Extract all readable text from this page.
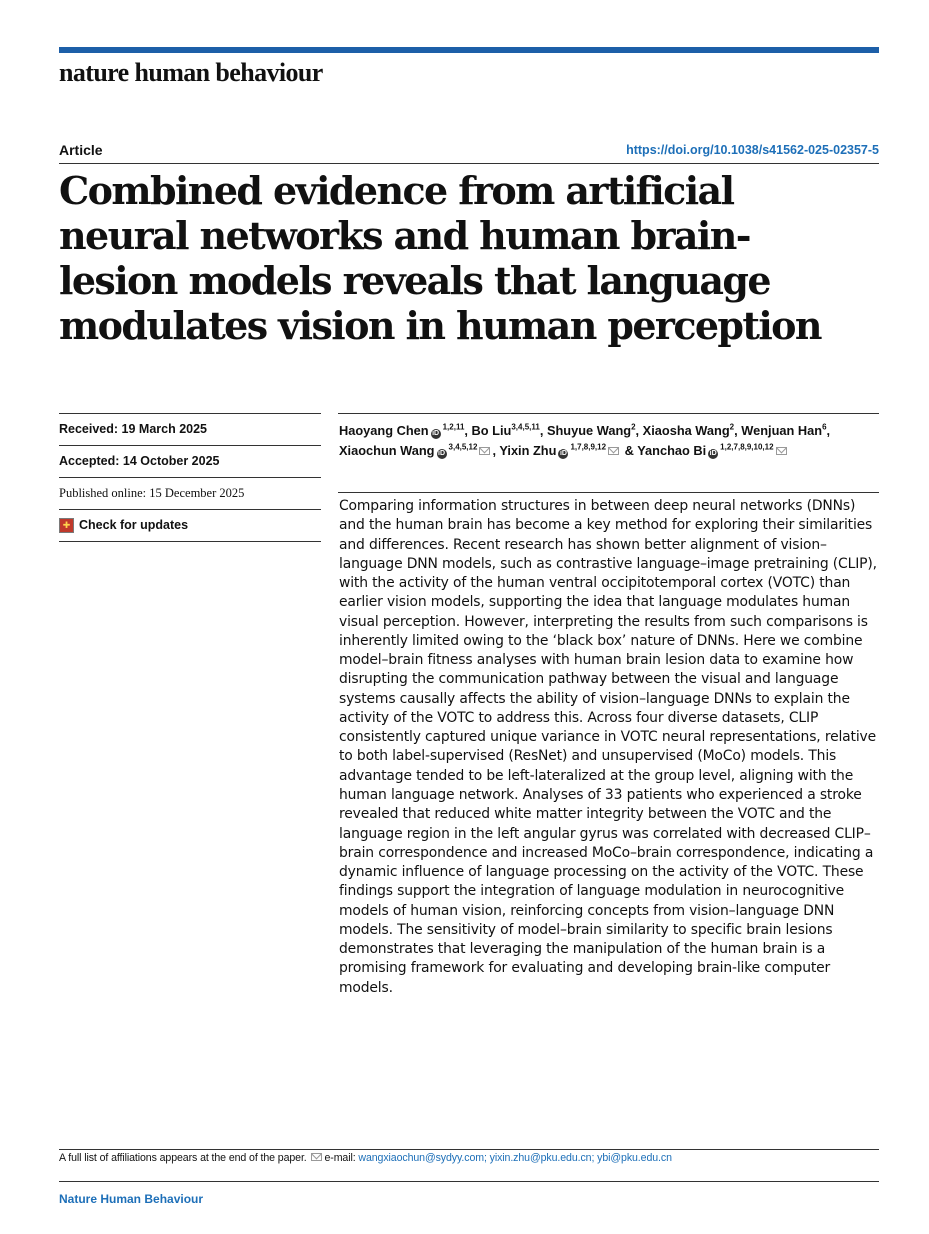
nature human behaviour
Article	https://doi.org/10.1038/s41562-025-02357-5
Combined evidence from artificial neural networks and human brain-lesion models reveals that language modulates vision in human perception
Received: 19 March 2025
Accepted: 14 October 2025
Published online: 15 December 2025
✚ Check for updates
Haoyang Chen iD$^{1,2,11}$, Bo Liu$^{3,4,5,11}$, Shuyue Wang$^2$, Xiaosha Wang$^2$, Wenjuan Han$^6$, Xiaochun Wang iD$^{3,4,5,12}$ , Yixin Zhu iD$^{1,7,8,9,12}$ & Yanchao Bi iD$^{1,2,7,8,9,10,12}$

Comparing information structures in between deep neural networks (DNNs) and the human brain has become a key method for exploring their similarities and differences. Recent research has shown better alignment of vision–language DNN models, such as contrastive language–image pretraining (CLIP), with the activity of the human ventral occipitotemporal cortex (VOTC) than earlier vision models, supporting the idea that language modulates human visual perception. However, interpreting the results from such comparisons is inherently limited owing to the ‘black box’ nature of DNNs. Here we combine model–brain fitness analyses with human brain lesion data to examine how disrupting the communication pathway between the visual and language systems causally affects the ability of vision–language DNNs to explain the activity of the VOTC to address this. Across four diverse datasets, CLIP consistently captured unique variance in VOTC neural representations, relative to both label-supervised (ResNet) and unsupervised (MoCo) models. This advantage tended to be left-lateralized at the group level, aligning with the human language network. Analyses of 33 patients who experienced a stroke revealed that reduced white matter integrity between the VOTC and the language region in the left angular gyrus was correlated with decreased CLIP–brain correspondence and increased MoCo–brain correspondence, indicating a dynamic influence of language processing on the activity of the VOTC. These findings support the integration of language modulation in neurocognitive models of human vision, reinforcing concepts from vision–language DNN models. The sensitivity of model–brain similarity to specific brain lesions demonstrates that leveraging the manipulation of the human brain is a promising framework for evaluating and developing brain-like computer models.

A full list of affiliations appears at the end of the paper. e-mail: wangxiaochun@sydyy.com; yixin.zhu@pku.edu.cn; ybi@pku.edu.cn
Nature Human Behaviour
